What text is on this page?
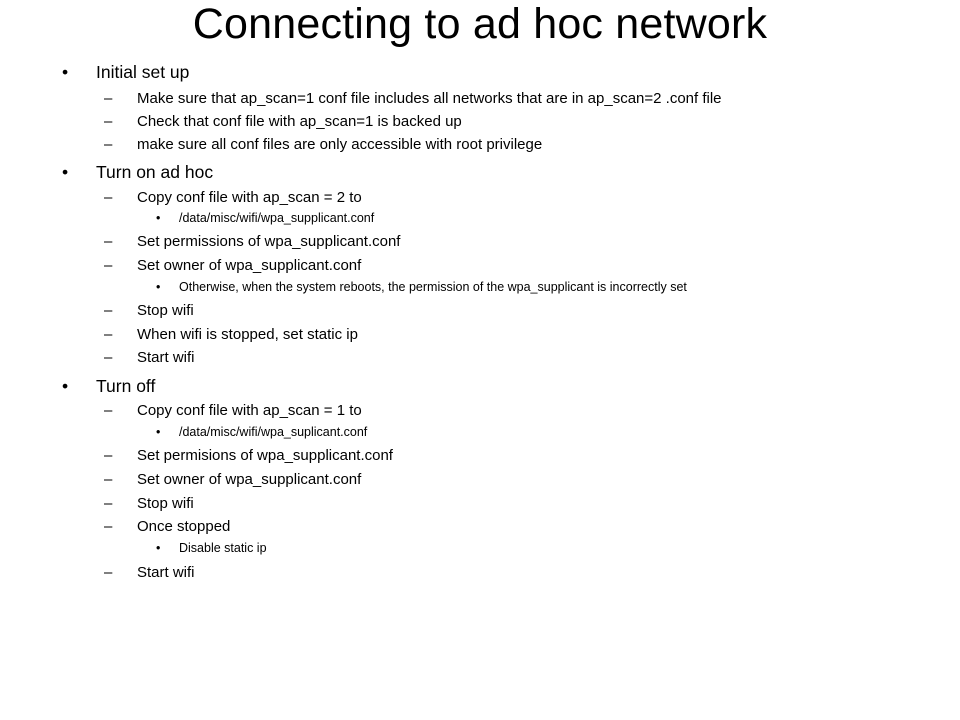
Connecting to ad hoc network
• Initial set up
– Make sure that ap_scan=1 conf file includes all networks that are in ap_scan=2 .conf file
– Check that conf file with ap_scan=1 is backed up
– make sure all conf files are only accessible with root privilege
• Turn on ad hoc
– Copy conf file with ap_scan = 2 to
• /data/misc/wifi/wpa_supplicant.conf
– Set permissions of wpa_supplicant.conf
– Set owner of wpa_supplicant.conf
• Otherwise, when the system reboots, the permission of the wpa_supplicant is incorrectly set
– Stop wifi
– When wifi is stopped, set static ip
– Start wifi
• Turn off
– Copy conf file with ap_scan = 1 to
• /data/misc/wifi/wpa_suplicant.conf
– Set permisions of wpa_supplicant.conf
– Set owner of wpa_supplicant.conf
– Stop wifi
– Once stopped
• Disable static ip
– Start wifi
